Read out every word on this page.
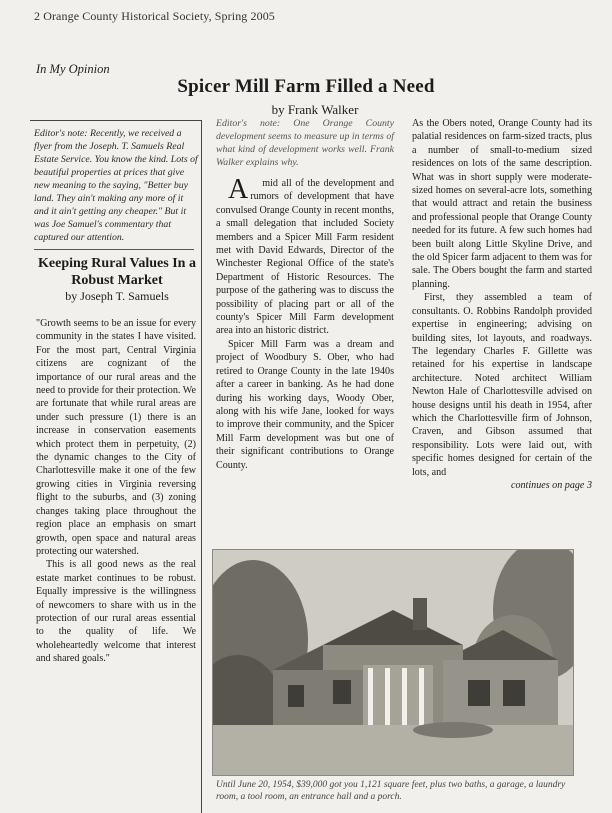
2 Orange County Historical Society, Spring 2005
In My Opinion
Spicer Mill Farm Filled a Need
by Frank Walker
Editor's note: Recently, we received a flyer from the Joseph. T. Samuels Real Estate Service. You know the kind. Lots of beautiful properties at prices that give new meaning to the saying, "Better buy land. They ain't making any more of it and it ain't getting any cheaper." But it was Joe Samuel's commentary that captured our attention.
Keeping Rural Values In a Robust Market
by Joseph T. Samuels

"Growth seems to be an issue for every community in the states I have visited. For the most part, Central Virginia citizens are cognizant of the importance of our rural areas and the need to provide for their protection. We are fortunate that while rural areas are under such pressure (1) there is an increase in conservation easements which protect them in perpetuity, (2) the dynamic changes to the City of Charlottesville make it one of the few growing cities in Virginia reversing flight to the suburbs, and (3) zoning changes taking place throughout the region place an emphasis on smart growth, open space and natural areas protecting our watershed.

This is all good news as the real estate market continues to be robust. Equally impressive is the willingness of newcomers to share with us in the protection of our rural areas essential to the quality of life. We wholeheartedly welcome that interest and shared goals."

Editor's note: One Orange County development seems to measure up in terms of what kind of development works well. Frank Walker explains why.

A mid all of the development and rumors of development that have convulsed Orange County in recent months, a small delegation that included Society members and a Spicer Mill Farm resident met with David Edwards, Director of the Winchester Regional Office of the state's Department of Historic Resources. The purpose of the gathering was to discuss the possibility of placing part or all of the county's Spicer Mill Farm development area into an historic district.

Spicer Mill Farm was a dream and project of Woodbury S. Ober, who had retired to Orange County in the late 1940s after a career in banking. As he had done during his working days, Woody Ober, along with his wife Jane, looked for ways to improve their community, and the Spicer Mill Farm development was but one of their significant contributions to Orange County.

As the Obers noted, Orange County had its palatial residences on farm-sized tracts, plus a number of small-to-medium sized residences on lots of the same description. What was in short supply were moderate-sized homes on several-acre lots, something that would attract and retain the business and professional people that Orange County needed for its future. A few such homes had been built along Little Skyline Drive, and the old Spicer farm adjacent to them was for sale. The Obers bought the farm and started planning.

First, they assembled a team of consultants. O. Robbins Randolph provided expertise in engineering; advising on building sites, lot layouts, and roadways. The legendary Charles F. Gillette was retained for his expertise in landscape architecture. Noted architect William Newton Hale of Charlottesville advised on house designs until his death in 1954, after which the Charlottesville firm of Johnson, Craven, and Gibson assumed that responsibility. Lots were laid out, with specific homes designed for certain of the lots, and

continues on page 3

Until June 20, 1954, $39,000 got you 1,121 square feet, plus two baths, a garage, a laundry room, a tool room, an entrance hall and a porch.
